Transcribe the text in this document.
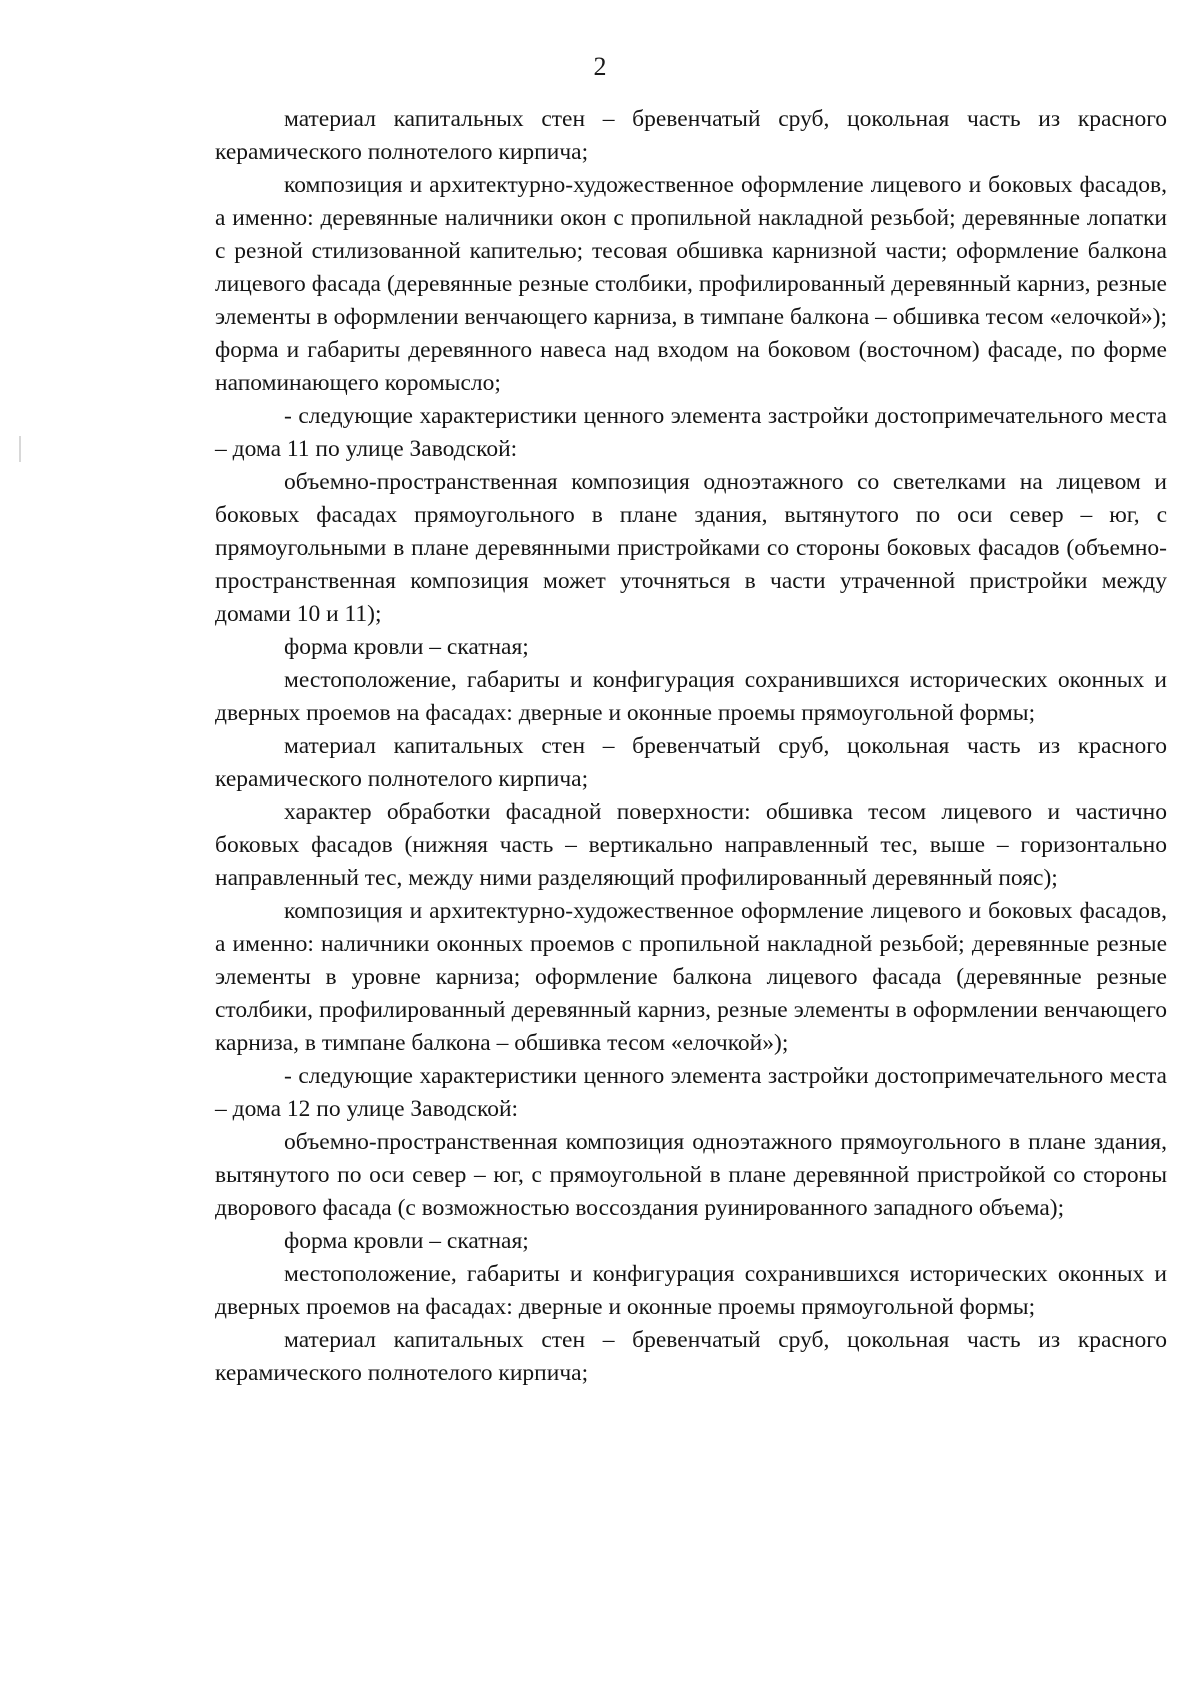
2

материал капитальных стен – бревенчатый сруб, цокольная часть из красного керамического полнотелого кирпича;

композиция и архитектурно-художественное оформление лицевого и боковых фасадов, а именно: деревянные наличники окон с пропильной накладной резьбой; деревянные лопатки с резной стилизованной капителью; тесовая обшивка карнизной части; оформление балкона лицевого фасада (деревянные резные столбики, профилированный деревянный карниз, резные элементы в оформлении венчающего карниза, в тимпане балкона – обшивка тесом «елочкой»); форма и габариты деревянного навеса над входом на боковом (восточном) фасаде, по форме напоминающего коромысло;

- следующие характеристики ценного элемента застройки достопримечательного места – дома 11 по улице Заводской:

объемно-пространственная композиция одноэтажного со светелками на лицевом и боковых фасадах прямоугольного в плане здания, вытянутого по оси север – юг, с прямоугольными в плане деревянными пристройками со стороны боковых фасадов (объемно-пространственная композиция может уточняться в части утраченной пристройки между домами 10 и 11);

форма кровли – скатная;

местоположение, габариты и конфигурация сохранившихся исторических оконных и дверных проемов на фасадах: дверные и оконные проемы прямоугольной формы;

материал капитальных стен – бревенчатый сруб, цокольная часть из красного керамического полнотелого кирпича;

характер обработки фасадной поверхности: обшивка тесом лицевого и частично боковых фасадов (нижняя часть – вертикально направленный тес, выше – горизонтально направленный тес, между ними разделяющий профилированный деревянный пояс);

композиция и архитектурно-художественное оформление лицевого и боковых фасадов, а именно: наличники оконных проемов с пропильной накладной резьбой; деревянные резные элементы в уровне карниза; оформление балкона лицевого фасада (деревянные резные столбики, профилированный деревянный карниз, резные элементы в оформлении венчающего карниза, в тимпане балкона – обшивка тесом «елочкой»);

- следующие характеристики ценного элемента застройки достопримечательного места – дома 12 по улице Заводской:

объемно-пространственная композиция одноэтажного прямоугольного в плане здания, вытянутого по оси север – юг, с прямоугольной в плане деревянной пристройкой со стороны дворового фасада (с возможностью воссоздания руинированного западного объема);

форма кровли – скатная;

местоположение, габариты и конфигурация сохранившихся исторических оконных и дверных проемов на фасадах: дверные и оконные проемы прямоугольной формы;

материал капитальных стен – бревенчатый сруб, цокольная часть из красного керамического полнотелого кирпича;
